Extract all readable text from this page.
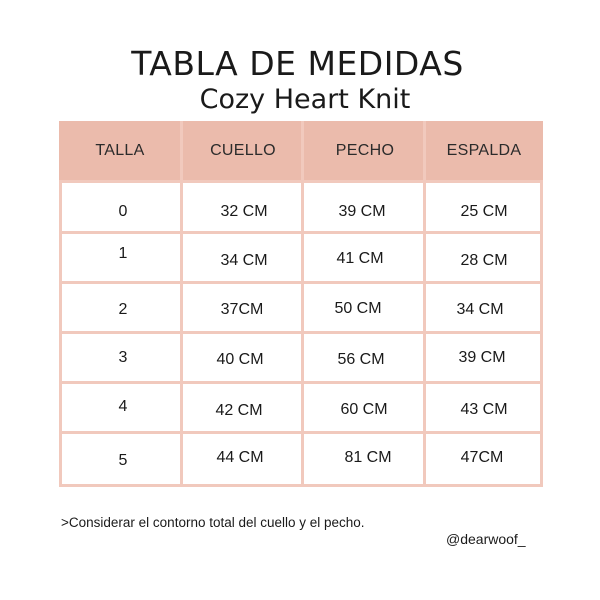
TABLA DE MEDIDAS
Cozy Heart Knit
TALLA	CUELLO	PECHO	ESPALDA
0	32 CM	39 CM	25 CM
1	34 CM	41 CM	28 CM
2	37CM	50 CM	34 CM
3	40 CM	56 CM	39 CM
4	42 CM	60 CM	43 CM
5	44 CM	81 CM	47CM
>Considerar el contorno total del cuello y el pecho.
@dearwoof_
